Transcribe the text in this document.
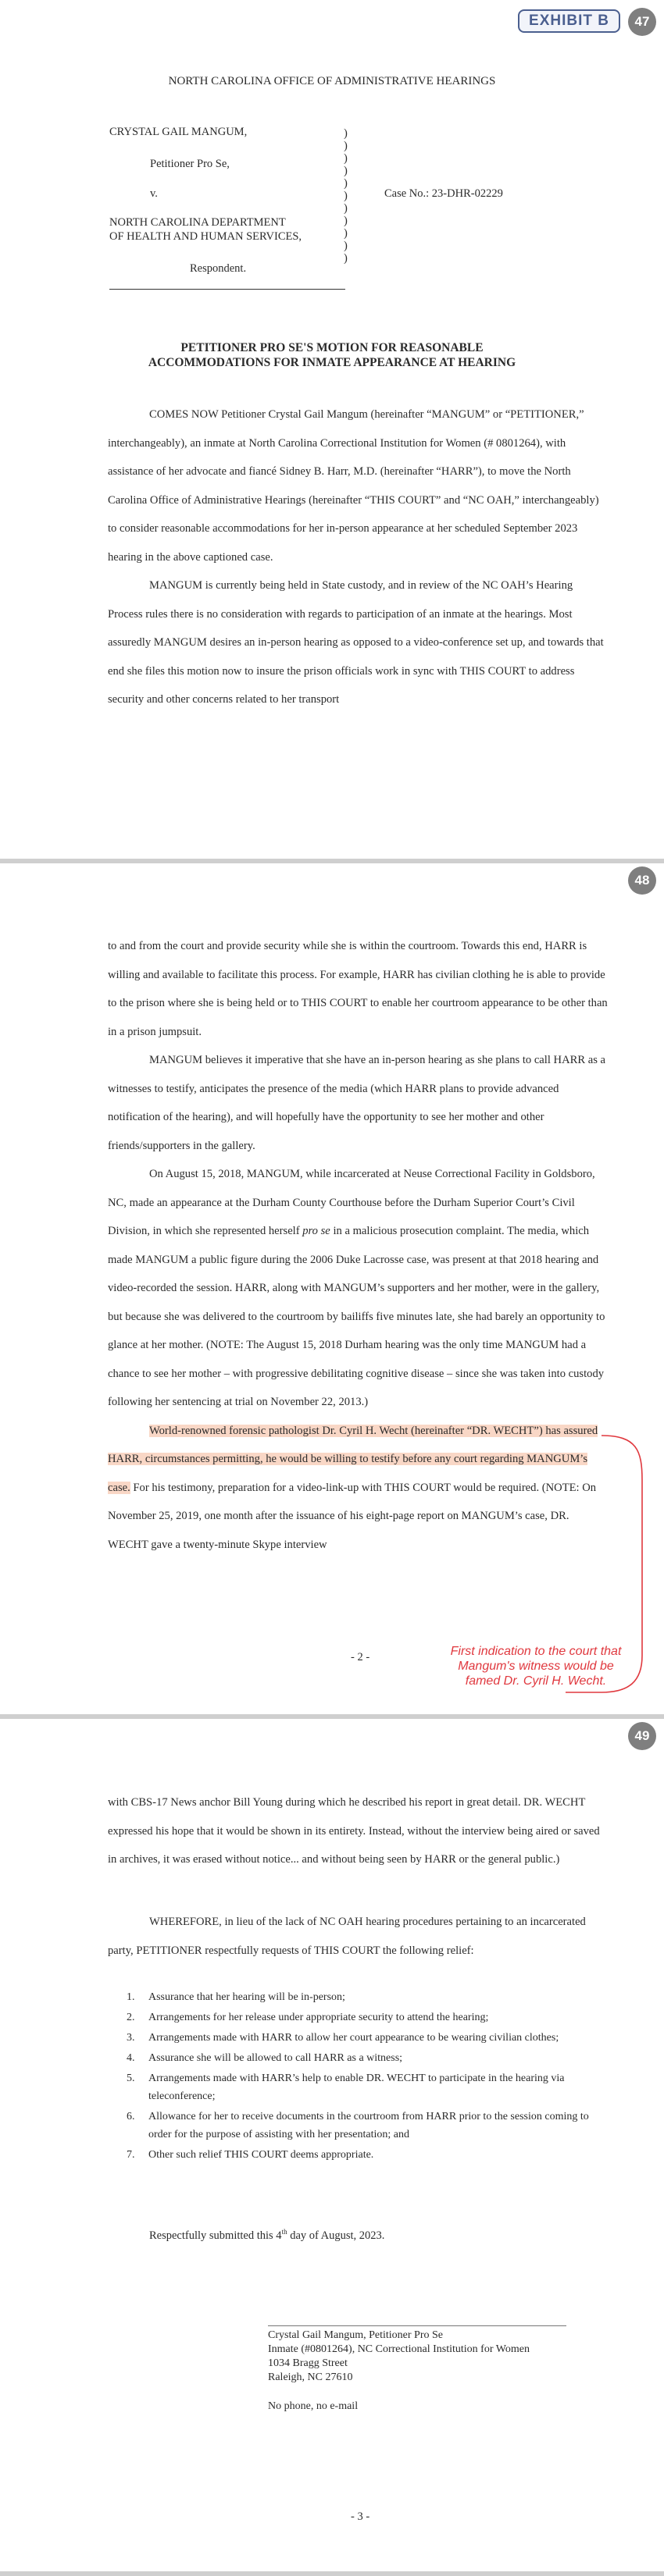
EXHIBIT B	47
NORTH CAROLINA OFFICE OF ADMINISTRATIVE HEARINGS
CRYSTAL GAIL MANGUM,
Petitioner Pro Se,
v.
NORTH CAROLINA DEPARTMENT
OF HEALTH AND HUMAN SERVICES,
Respondent.
)
)
)
)
)
)
)
)
)
)
)
Case No.: 23-DHR-02229
PETITIONER PRO SE'S MOTION FOR REASONABLE
ACCOMMODATIONS FOR INMATE APPEARANCE AT HEARING

COMES NOW Petitioner Crystal Gail Mangum (hereinafter “MANGUM” or “PETITIONER,” interchangeably), an inmate at North Carolina Correctional Institution for Women (# 0801264), with assistance of her advocate and fiancé Sidney B. Harr, M.D. (hereinafter “HARR”), to move the North Carolina Office of Administrative Hearings (hereinafter “THIS COURT” and “NC OAH,” interchangeably) to consider reasonable accommodations for her in-person appearance at her scheduled September 2023 hearing in the above captioned case.

MANGUM is currently being held in State custody, and in review of the NC OAH’s Hearing Process rules there is no consideration with regards to participation of an inmate at the hearings. Most assuredly MANGUM desires an in-person hearing as opposed to a video-conference set up, and towards that end she files this motion now to insure the prison officials work in sync with THIS COURT to address security and other concerns related to her transport

48

to and from the court and provide security while she is within the courtroom. Towards this end, HARR is willing and available to facilitate this process. For example, HARR has civilian clothing he is able to provide to the prison where she is being held or to THIS COURT to enable her courtroom appearance to be other than in a prison jumpsuit.

MANGUM believes it imperative that she have an in-person hearing as she plans to call HARR as a witnesses to testify, anticipates the presence of the media (which HARR plans to provide advanced notification of the hearing), and will hopefully have the opportunity to see her mother and other friends/supporters in the gallery.

On August 15, 2018, MANGUM, while incarcerated at Neuse Correctional Facility in Goldsboro, NC, made an appearance at the Durham County Courthouse before the Durham Superior Court’s Civil Division, in which she represented herself pro se in a malicious prosecution complaint. The media, which made MANGUM a public figure during the 2006 Duke Lacrosse case, was present at that 2018 hearing and video-recorded the session. HARR, along with MANGUM’s supporters and her mother, were in the gallery, but because she was delivered to the courtroom by bailiffs five minutes late, she had barely an opportunity to glance at her mother. (NOTE: The August 15, 2018 Durham hearing was the only time MANGUM had a chance to see her mother – with progressive debilitating cognitive disease – since she was taken into custody following her sentencing at trial on November 22, 2013.)

World-renowned forensic pathologist Dr. Cyril H. Wecht (hereinafter “DR. WECHT”) has assured HARR, circumstances permitting, he would be willing to testify before any court regarding MANGUM’s case. For his testimony, preparation for a video-link-up with THIS COURT would be required. (NOTE: On November 25, 2019, one month after the issuance of his eight-page report on MANGUM’s case, DR. WECHT gave a twenty-minute Skype interview

- 2 -	First indication to the court that Mangum's witness would be famed Dr. Cyril H. Wecht.
49

with CBS-17 News anchor Bill Young during which he described his report in great detail. DR. WECHT expressed his hope that it would be shown in its entirety. Instead, without the interview being aired or saved in archives, it was erased without notice... and without being seen by HARR or the general public.)

WHEREFORE, in lieu of the lack of NC OAH hearing procedures pertaining to an incarcerated party, PETITIONER respectfully requests of THIS COURT the following relief:

1. Assurance that her hearing will be in-person;
2. Arrangements for her release under appropriate security to attend the hearing;
3. Arrangements made with HARR to allow her court appearance to be wearing civilian clothes;
4. Assurance she will be allowed to call HARR as a witness;
5. Arrangements made with HARR’s help to enable DR. WECHT to participate in the hearing via teleconference;
6. Allowance for her to receive documents in the courtroom from HARR prior to the session coming to order for the purpose of assisting with her presentation; and
7. Other such relief THIS COURT deems appropriate.
Respectfully submitted this 4th day of August, 2023.
Crystal Gail Mangum, Petitioner Pro Se
Inmate (#0801264), NC Correctional Institution for Women
1034 Bragg Street
Raleigh, NC 27610
No phone, no e-mail
- 3 -
